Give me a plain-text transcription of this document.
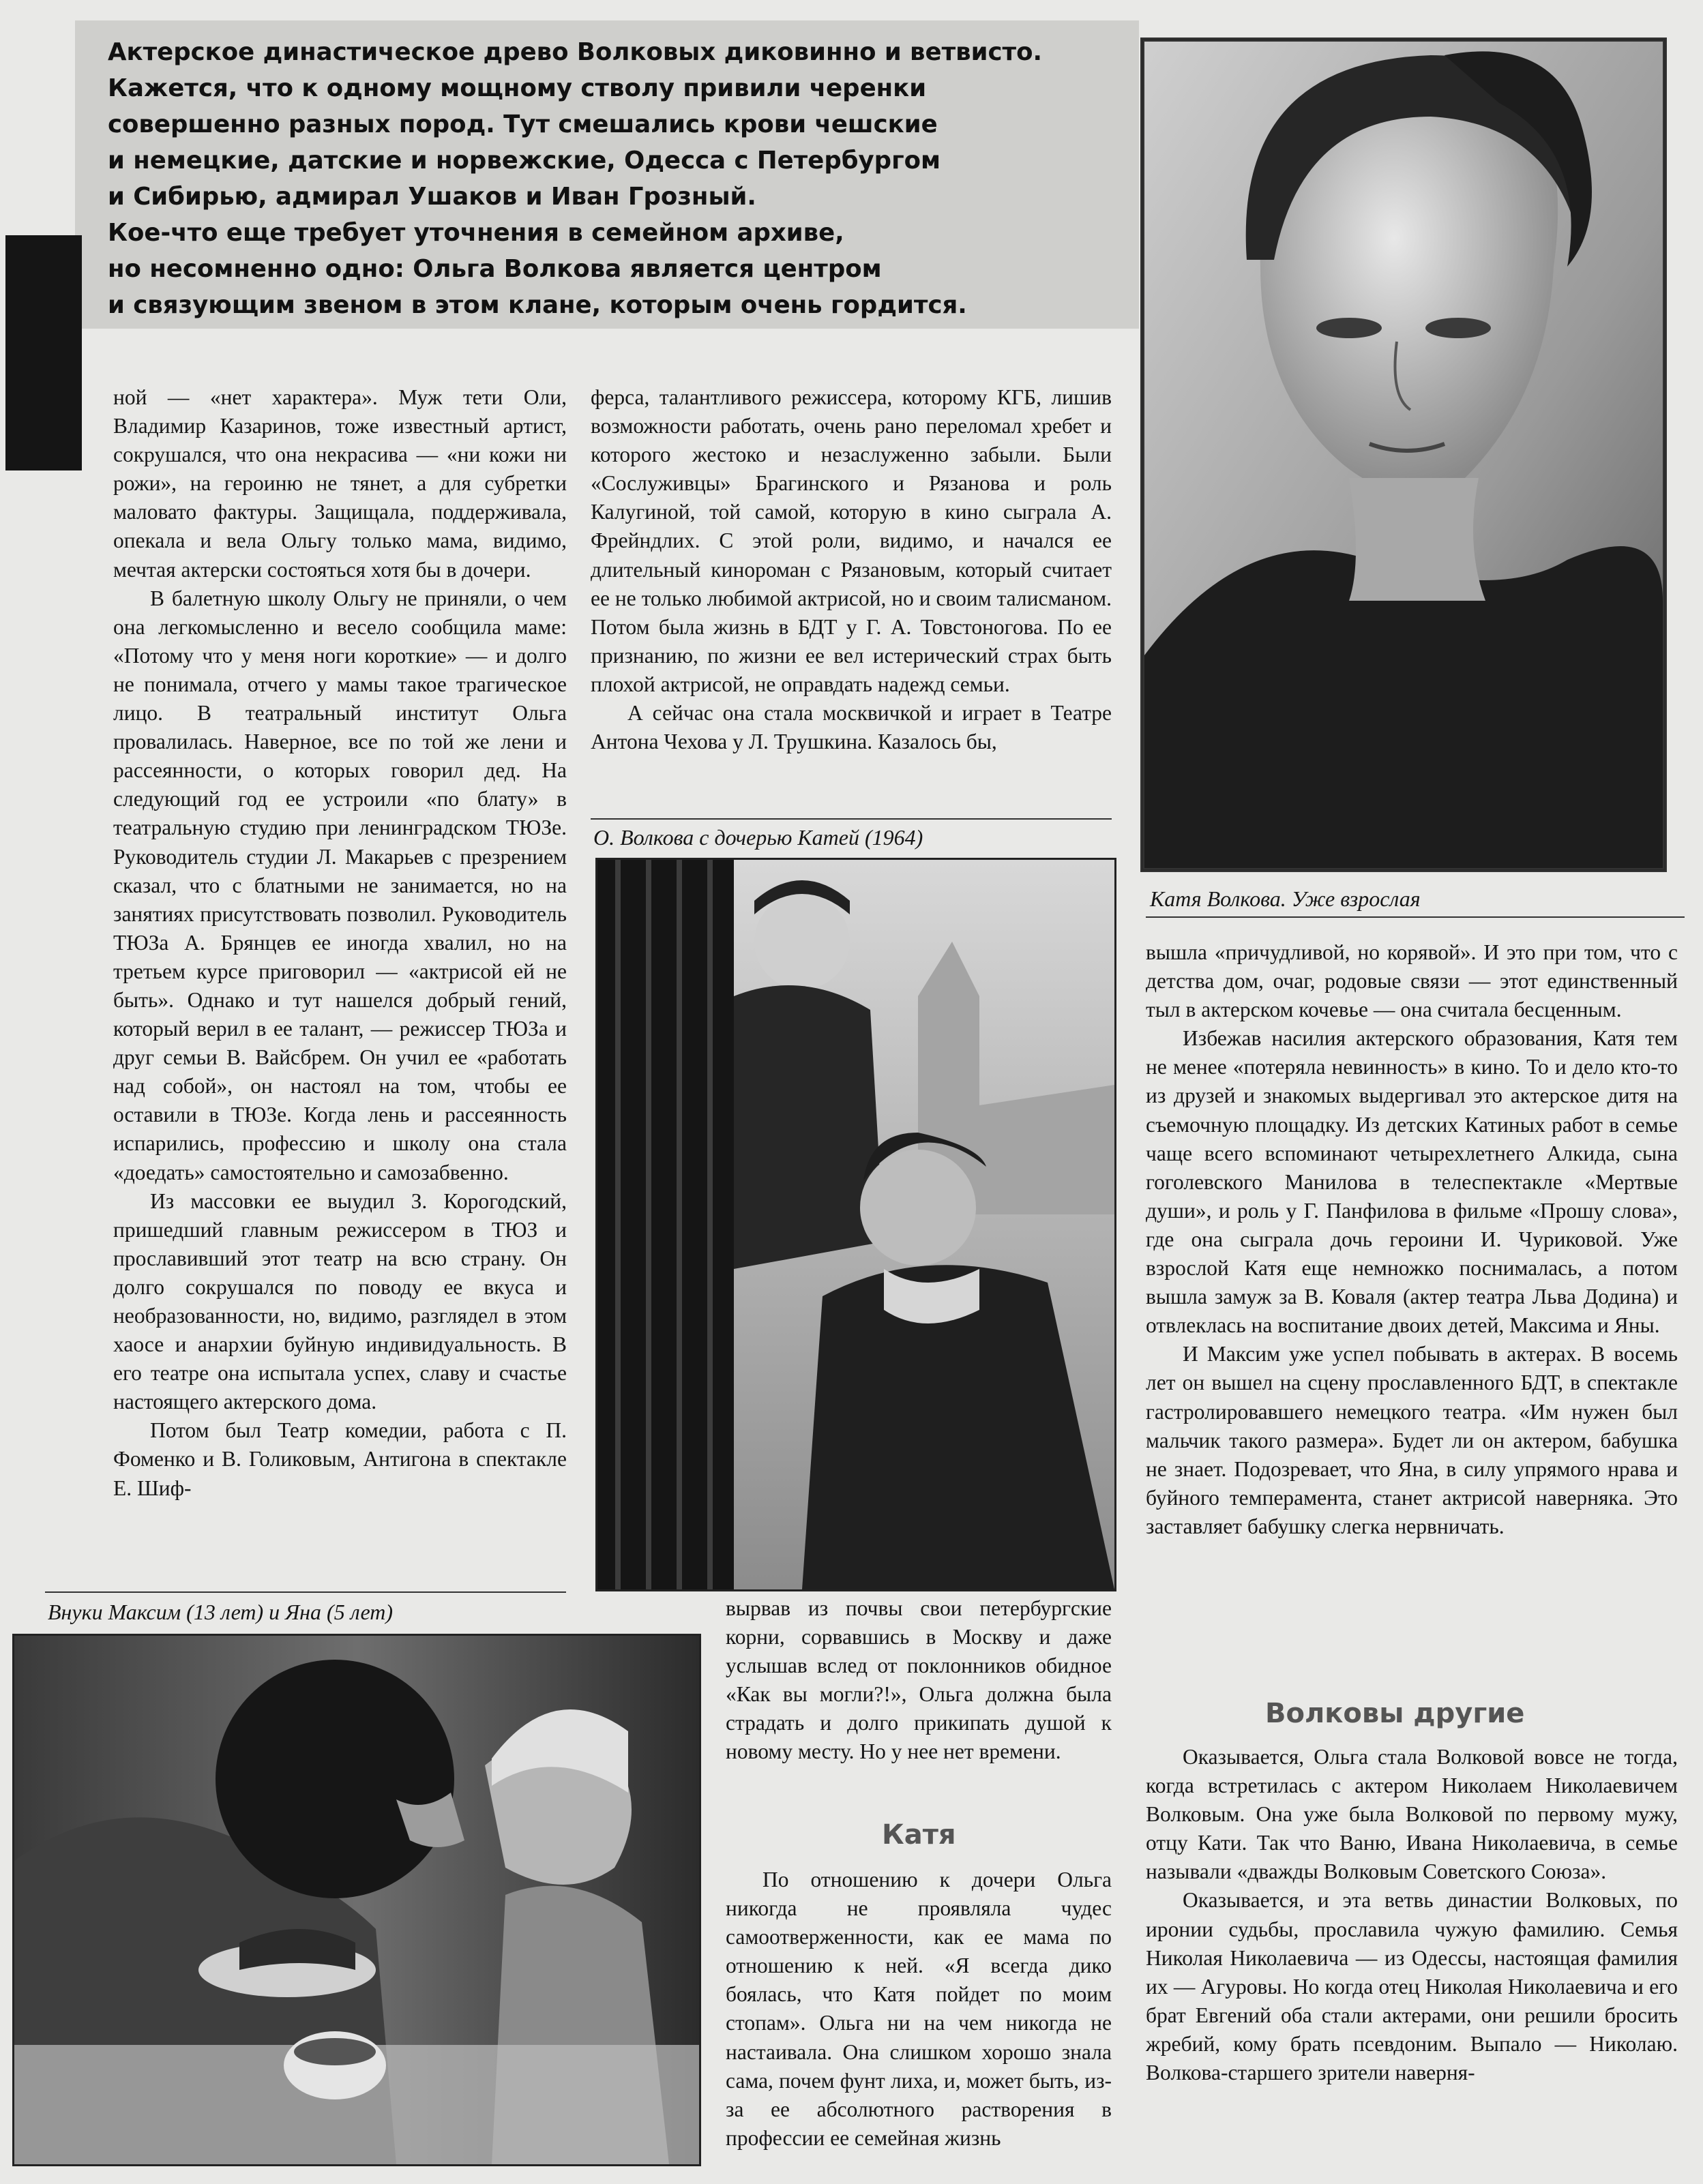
Актерское династическое древо Волковых диковинно и ветвисто.
Кажется, что к одному мощному стволу привили черенки
совершенно разных пород. Тут смешались крови чешские
и немецкие, датские и норвежские, Одесса с Петербургом
и Сибирью, адмирал Ушаков и Иван Грозный.
Кое-что еще требует уточнения в семейном архиве,
но несомненно одно: Ольга Волкова является центром
и связующим звеном в этом клане, которым очень гордится.
Катя Волкова. Уже взрослая

ной — «нет характера». Муж тети Оли, Владимир Казаринов, тоже известный артист, сокрушался, что она некрасива — «ни кожи ни рожи», на героиню не тянет, а для субретки маловато фактуры. Защищала, поддерживала, опекала и вела Ольгу только мама, видимо, мечтая актерски состояться хотя бы в дочери.

В балетную школу Ольгу не приняли, о чем она легкомысленно и весело сообщила маме: «Потому что у меня ноги короткие» — и долго не понимала, отчего у мамы такое трагическое лицо. В театральный институт Ольга провалилась. Наверное, все по той же лени и рассеянности, о которых говорил дед. На следующий год ее устроили «по блату» в театральную студию при ленинградском ТЮЗе. Руководитель студии Л. Макарьев с презрением сказал, что с блатными не занимается, но на занятиях присутствовать позволил. Руководитель ТЮЗа А. Брянцев ее иногда хвалил, но на третьем курсе приговорил — «актрисой ей не быть». Однако и тут нашелся добрый гений, который верил в ее талант, — режиссер ТЮЗа и друг семьи В. Вайсбрем. Он учил ее «работать над собой», он настоял на том, чтобы ее оставили в ТЮЗе. Когда лень и рассеянность испарились, профессию и школу она стала «доедать» самостоятельно и самозабвенно.

Из массовки ее выудил З. Корогодский, пришедший главным режиссером в ТЮЗ и прославивший этот театр на всю страну. Он долго сокрушался по поводу ее вкуса и необразованности, но, видимо, разглядел в этом хаосе и анархии буйную индивидуальность. В его театре она испытала успех, славу и счастье настоящего актерского дома.

Потом был Театр комедии, работа с П. Фоменко и В. Голиковым, Антигона в спектакле Е. Шиф-

ферса, талантливого режиссера, которому КГБ, лишив возможности работать, очень рано переломал хребет и которого жестоко и незаслуженно забыли. Были «Сослуживцы» Брагинского и Рязанова и роль Калугиной, той самой, которую в кино сыграла А. Фрейндлих. С этой роли, видимо, и начался ее длительный кинороман с Рязановым, который считает ее не только любимой актрисой, но и своим талисманом. Потом была жизнь в БДТ у Г. А. Товстоногова. По ее признанию, по жизни ее вел истерический страх быть плохой актрисой, не оправдать надежд семьи.

А сейчас она стала москвичкой и играет в Театре Антона Чехова у Л. Трушкина. Казалось бы,

О. Волкова с дочерью Катей (1964)

вырвав из почвы свои петербургские корни, сорвавшись в Москву и даже услышав вслед от поклонников обидное «Как вы могли?!», Ольга должна была страдать и долго прикипать душой к новому месту. Но у нее нет времени.

Катя

По отношению к дочери Ольга никогда не проявляла чудес самоотверженности, как ее мама по отношению к ней. «Я всегда дико боялась, что Катя пойдет по моим стопам». Ольга ни на чем никогда не настаивала. Она слишком хорошо знала сама, почем фунт лиха, и, может быть, из-за ее абсолютного растворения в профессии ее семейная жизнь

Внуки Максим (13 лет) и Яна (5 лет)

вышла «причудливой, но корявой». И это при том, что с детства дом, очаг, родовые связи — этот единственный тыл в актерском кочевье — она считала бесценным.

Избежав насилия актерского образования, Катя тем не менее «потеряла невинность» в кино. То и дело кто-то из друзей и знакомых выдергивал это актерское дитя на съемочную площадку. Из детских Катиных работ в семье чаще всего вспоминают четырехлетнего Алкида, сына гоголевского Манилова в телеспектакле «Мертвые души», и роль у Г. Панфилова в фильме «Прошу слова», где она сыграла дочь героини И. Чуриковой. Уже взрослой Катя еще немножко поснималась, а потом вышла замуж за В. Коваля (актер театра Льва Додина) и отвлеклась на воспитание двоих детей, Максима и Яны.

И Максим уже успел побывать в актерах. В восемь лет он вышел на сцену прославленного БДТ, в спектакле гастролировавшего немецкого театра. «Им нужен был мальчик такого размера». Будет ли он актером, бабушка не знает. Подозревает, что Яна, в силу упрямого нрава и буйного темперамента, станет актрисой наверняка. Это заставляет бабушку слегка нервничать.

Волковы другие

Оказывается, Ольга стала Волковой вовсе не тогда, когда встретилась с актером Николаем Николаевичем Волковым. Она уже была Волковой по первому мужу, отцу Кати. Так что Ваню, Ивана Николаевича, в семье называли «дважды Волковым Советского Союза».

Оказывается, и эта ветвь династии Волковых, по иронии судьбы, прославила чужую фамилию. Семья Николая Николаевича — из Одессы, настоящая фамилия их — Агуровы. Но когда отец Николая Николаевича и его брат Евгений оба стали актерами, они решили бросить жребий, кому брать псевдоним. Выпало — Николаю. Волкова-старшего зрители наверня-
